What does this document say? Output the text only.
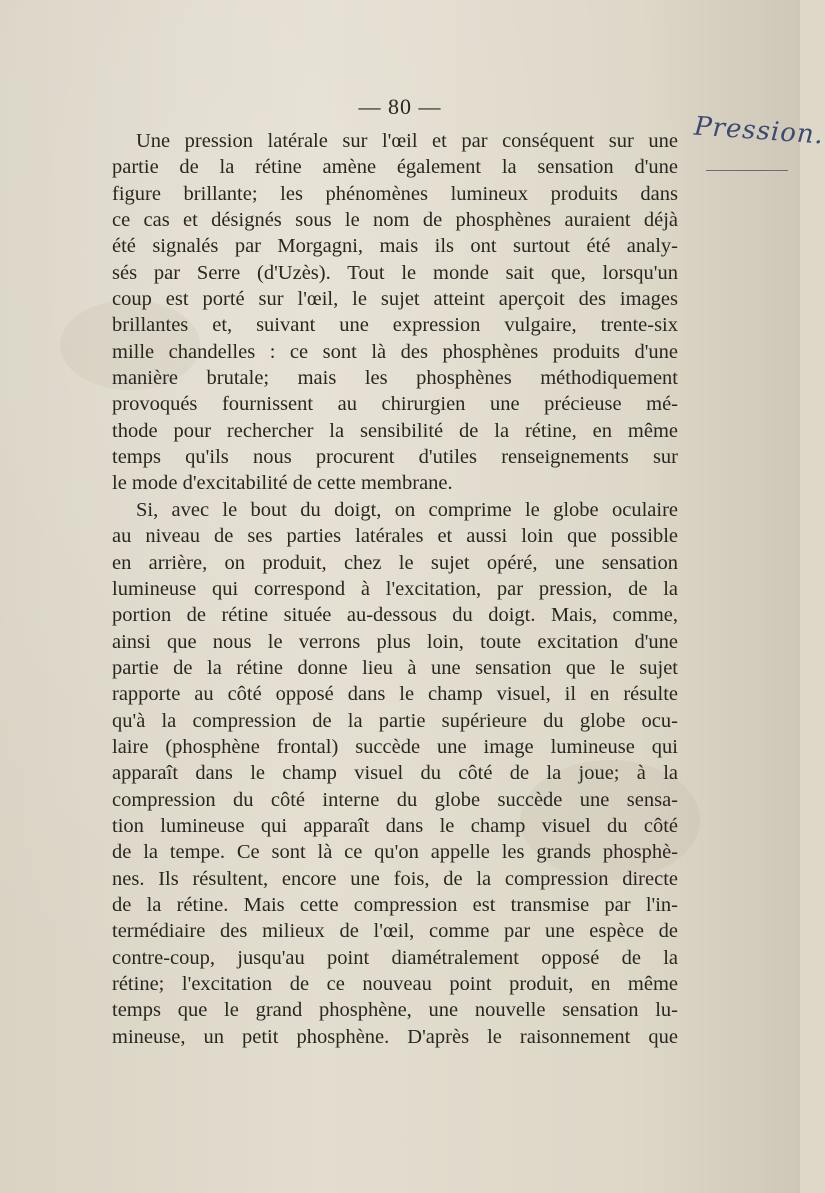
— 80 —
Pression.
Une pression latérale sur l'œil et par conséquent sur une
partie de la rétine amène également la sensation d'une
figure brillante; les phénomènes lumineux produits dans
ce cas et désignés sous le nom de phosphènes auraient déjà
été signalés par Morgagni, mais ils ont surtout été analy-
sés par Serre (d'Uzès). Tout le monde sait que, lorsqu'un
coup est porté sur l'œil, le sujet atteint aperçoit des images
brillantes et, suivant une expression vulgaire, trente-six
mille chandelles : ce sont là des phosphènes produits d'une
manière brutale; mais les phosphènes méthodiquement
provoqués fournissent au chirurgien une précieuse mé-
thode pour rechercher la sensibilité de la rétine, en même
temps qu'ils nous procurent d'utiles renseignements sur
le mode d'excitabilité de cette membrane.
Si, avec le bout du doigt, on comprime le globe oculaire
au niveau de ses parties latérales et aussi loin que possible
en arrière, on produit, chez le sujet opéré, une sensation
lumineuse qui correspond à l'excitation, par pression, de la
portion de rétine située au-dessous du doigt. Mais, comme,
ainsi que nous le verrons plus loin, toute excitation d'une
partie de la rétine donne lieu à une sensation que le sujet
rapporte au côté opposé dans le champ visuel, il en résulte
qu'à la compression de la partie supérieure du globe ocu-
laire (phosphène frontal) succède une image lumineuse qui
apparaît dans le champ visuel du côté de la joue; à la
compression du côté interne du globe succède une sensa-
tion lumineuse qui apparaît dans le champ visuel du côté
de la tempe. Ce sont là ce qu'on appelle les grands phosphè-
nes. Ils résultent, encore une fois, de la compression directe
de la rétine. Mais cette compression est transmise par l'in-
termédiaire des milieux de l'œil, comme par une espèce de
contre-coup, jusqu'au point diamétralement opposé de la
rétine; l'excitation de ce nouveau point produit, en même
temps que le grand phosphène, une nouvelle sensation lu-
mineuse, un petit phosphène. D'après le raisonnement que
